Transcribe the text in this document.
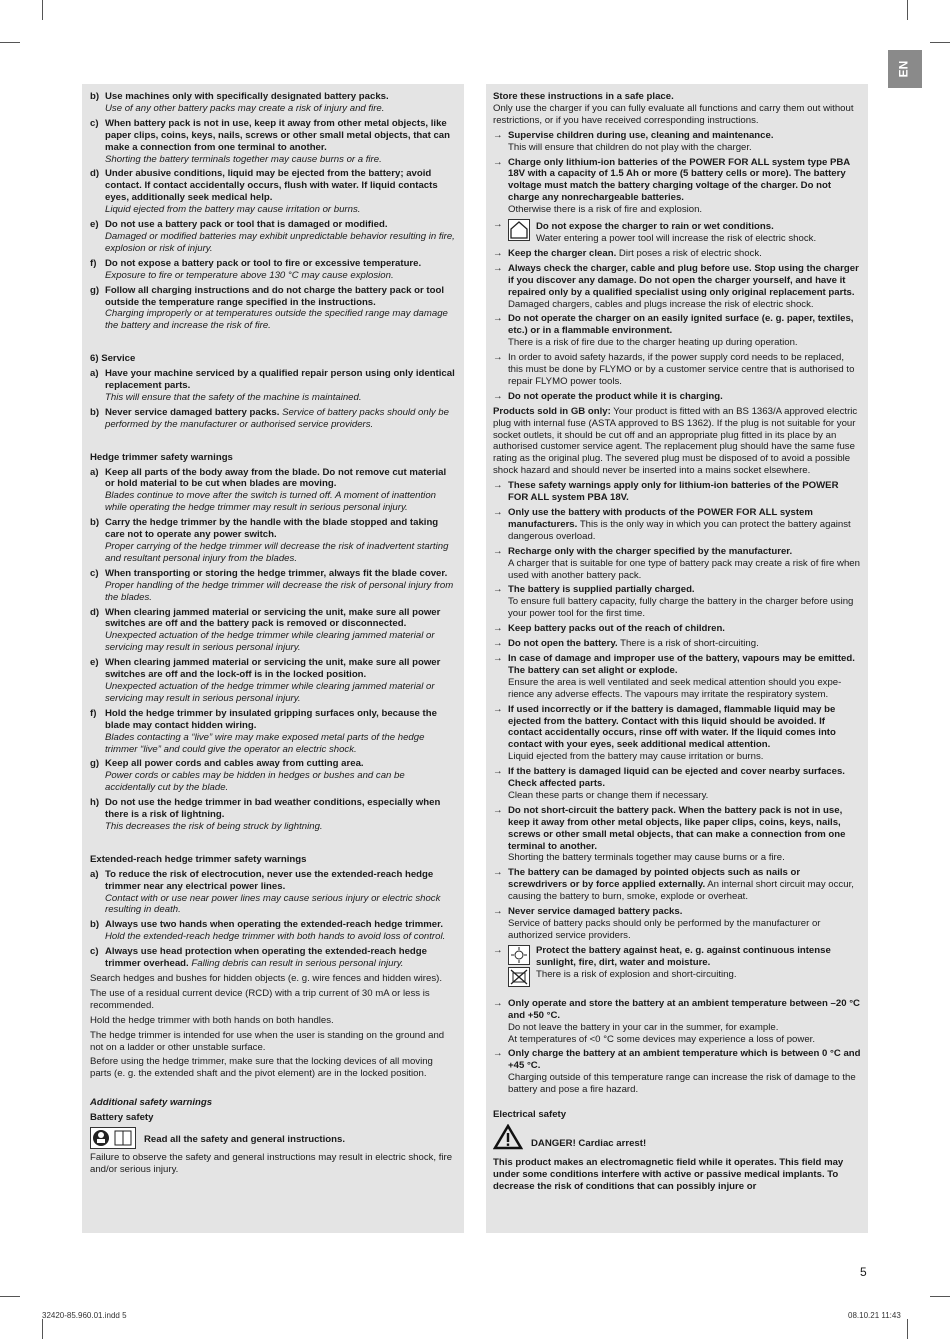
EN
b) Use machines only with specifically designated battery packs.
Use of any other battery packs may create a risk of injury and fire.
c) When battery pack is not in use, keep it away from other metal objects, like paper clips, coins, keys, nails, screws or other small metal objects, that can make a connection from one terminal to another.
Shorting the battery terminals together may cause burns or a fire.
d) Under abusive conditions, liquid may be ejected from the battery; avoid contact. If contact accidentally occurs, flush with water. If liquid contacts eyes, additionally seek medical help.
Liquid ejected from the battery may cause irritation or burns.
e) Do not use a battery pack or tool that is damaged or modified.
Damaged or modified batteries may exhibit unpredictable behavior resulting in fire, explosion or risk of injury.
f) Do not expose a battery pack or tool to fire or excessive temperature.
Exposure to fire or temperature above 130 °C may cause explosion.
g) Follow all charging instructions and do not charge the battery pack or tool outside the temperature range specified in the instructions.
Charging improperly or at temperatures outside the specified range may damage the battery and increase the risk of fire.
6) Service
a) Have your machine serviced by a qualified repair person using only identical replacement parts.
This will ensure that the safety of the machine is maintained.
b) Never service damaged battery packs. Service of battery packs should only be performed by the manufacturer or authorised service providers.
Hedge trimmer safety warnings
a) Keep all parts of the body away from the blade. Do not remove cut material or hold material to be cut when blades are moving.
Blades continue to move after the switch is turned off. A moment of inattention while operating the hedge trimmer may result in serious personal injury.
b) Carry the hedge trimmer by the handle with the blade stopped and taking care not to operate any power switch.
Proper carrying of the hedge trimmer will decrease the risk of inadvertent starting and resultant personal injury from the blades.
c) When transporting or storing the hedge trimmer, always fit the blade cover. Proper handling of the hedge trimmer will decrease the risk of personal injury from the blades.
d) When clearing jammed material or servicing the unit, make sure all power switches are off and the battery pack is removed or disconnected. Unexpected actuation of the hedge trimmer while clearing jammed material or servicing may result in serious personal injury.
e) When clearing jammed material or servicing the unit, make sure all power switches are off and the lock-off is in the locked position.
Unexpected actuation of the hedge trimmer while clearing jammed material or servicing may result in serious personal injury.
f) Hold the hedge trimmer by insulated gripping surfaces only, because the blade may contact hidden wiring.
Blades contacting a “live” wire may make exposed metal parts of the hedge trimmer “live” and could give the operator an electric shock.
g) Keep all power cords and cables away from cutting area.
Power cords or cables may be hidden in hedges or bushes and can be accidentally cut by the blade.
h) Do not use the hedge trimmer in bad weather conditions, especially when there is a risk of lightning.
This decreases the risk of being struck by lightning.
Extended-reach hedge trimmer safety warnings
a) To reduce the risk of electrocution, never use the extended-reach hedge trimmer near any electrical power lines.
Contact with or use near power lines may cause serious injury or electric shock resulting in death.
b) Always use two hands when operating the extended-reach hedge trimmer.
Hold the extended-reach hedge trimmer with both hands to avoid loss of control.
c) Always use head protection when operating the extended-reach hedge trimmer overhead. Falling debris can result in serious personal injury.
Search hedges and bushes for hidden objects (e. g. wire fences and hidden wires).
The use of a residual current device (RCD) with a trip current of 30 mA or less is recommended.
Hold the hedge trimmer with both hands on both handles.
The hedge trimmer is intended for use when the user is standing on the ground and not on a ladder or other unstable surface.
Before using the hedge trimmer, make sure that the locking devices of all moving parts (e. g. the extended shaft and the pivot element) are in the locked position.
Additional safety warnings
Battery safety
Read all the safety and general instructions.
Failure to observe the safety and general instructions may result in electric shock, fire and/or serious injury.
Store these instructions in a safe place.
Only use the charger if you can fully evaluate all functions and carry them out without restrictions, or if you have received corresponding instructions.
→ Supervise children during use, cleaning and maintenance.
This will ensure that children do not play with the charger.
→ Charge only lithium-ion batteries of the POWER FOR ALL system type PBA 18V with a capacity of 1.5 Ah or more (5 battery cells or more). The battery voltage must match the battery charging voltage of the charger. Do not charge any nonrechargeable batteries.
Otherwise there is a risk of fire and explosion.
→	Do not expose the charger to rain or wet conditions.
Water entering a power tool will increase the risk of electric shock.
→ Keep the charger clean. Dirt poses a risk of electric shock.
→ Always check the charger, cable and plug before use. Stop using the charger if you discover any damage. Do not open the charger yourself, and have it repaired only by a qualified specialist using only original replacement parts.
Damaged chargers, cables and plugs increase the risk of electric shock.
→ Do not operate the charger on an easily ignited surface (e. g. paper, textiles, etc.) or in a flammable environment.
There is a risk of fire due to the charger heating up during operation.
→ In order to avoid safety hazards, if the power supply cord needs to be replaced, this must be done by FLYMO or by a customer service centre that is authorised to repair FLYMO power tools.
→ Do not operate the product while it is charging.
Products sold in GB only: Your product is fitted with an BS 1363/A approved electric plug with internal fuse (ASTA approved to BS 1362). If the plug is not suitable for your socket outlets, it should be cut off and an appropriate plug fitted in its place by an authorised customer service agent. The replacement plug should have the same fuse rating as the original plug. The severed plug must be disposed of to avoid a possible shock hazard and should never be inserted into a mains socket elsewhere.
→ These safety warnings apply only for lithium-ion batteries of the POWER FOR ALL system PBA 18V.
→ Only use the battery with products of the POWER FOR ALL system manufacturers. This is the only way in which you can protect the battery against dangerous overload.
→ Recharge only with the charger specified by the manufacturer.
A charger that is suitable for one type of battery pack may create a risk of fire when used with another battery pack.
→ The battery is supplied partially charged.
To ensure full battery capacity, fully charge the battery in the charger before using your power tool for the first time.
→ Keep battery packs out of the reach of children.
→ Do not open the battery. There is a risk of short-circuiting.
→ In case of damage and improper use of the battery, vapours may be emitted. The battery can set alight or explode.
Ensure the area is well ventilated and seek medical attention should you experience any adverse effects. The vapours may irritate the respiratory system.
→ If used incorrectly or if the battery is damaged, flammable liquid may be ejected from the battery. Contact with this liquid should be avoided. If contact accidentally occurs, rinse off with water. If the liquid comes into contact with your eyes, seek additional medical attention.
Liquid ejected from the battery may cause irritation or burns.
→ If the battery is damaged liquid can be ejected and cover nearby surfaces. Check affected parts.
Clean these parts or change them if necessary.
→ Do not short-circuit the battery pack. When the battery pack is not in use, keep it away from other metal objects, like paper clips, coins, keys, nails, screws or other small metal objects, that can make a connection from one terminal to another.
Shorting the battery terminals together may cause burns or a fire.
→ The battery can be damaged by pointed objects such as nails or screwdrivers or by force applied externally. An internal short circuit may occur, causing the battery to burn, smoke, explode or overheat.
→ Never service damaged battery packs.
Service of battery packs should only be performed by the manufacturer or authorized service providers.
→	Protect the battery against heat, e. g. against continuous intense sunlight, fire, dirt, water and moisture.
There is a risk of explosion and short-circuiting.
→ Only operate and store the battery at an ambient temperature between –20 °C and +50 °C.
Do not leave the battery in your car in the summer, for example.
At temperatures of <0 °C some devices may experience a loss of power.
→ Only charge the battery at an ambient temperature which is between 0 °C and +45 °C.
Charging outside of this temperature range can increase the risk of damage to the battery and pose a fire hazard.
Electrical safety
DANGER! Cardiac arrest!
This product makes an electromagnetic field while it operates. This field may under some conditions interfere with active or passive medical implants. To decrease the risk of conditions that can possibly injure or
5
32420-85.960.01.indd 5	08.10.21 11:43
